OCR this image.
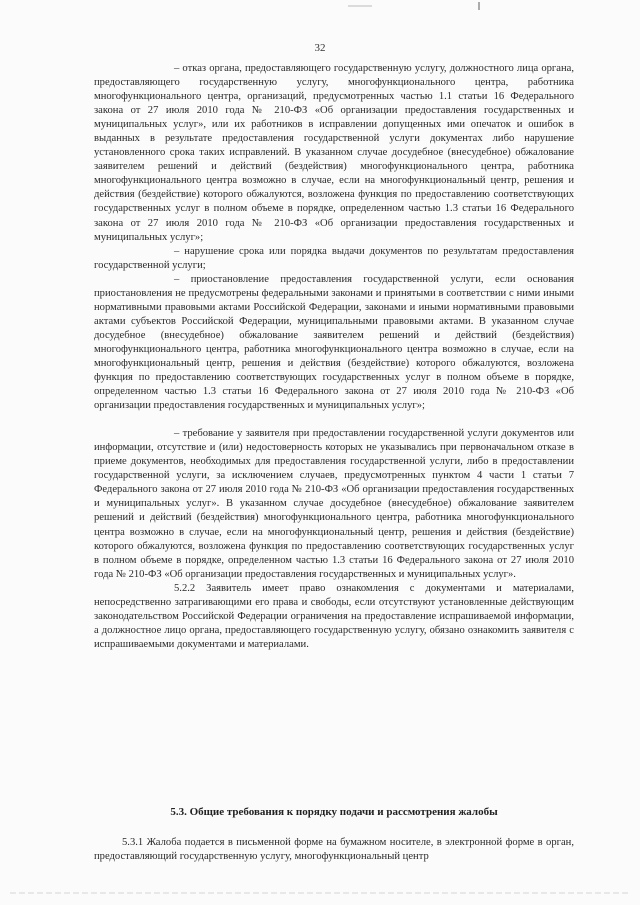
32

– отказ органа, предоставляющего государственную услугу, должностного лица органа, предоставляющего государственную услугу, многофункционального центра, работника многофункционального центра, организаций, предусмотренных частью 1.1 статьи 16 Федерального закона от 27 июля 2010 года № 210-ФЗ «Об организации предоставления государственных и муниципальных услуг», или их работников в исправлении допущенных ими опечаток и ошибок в выданных в результате предоставления государственной услуги документах либо нарушение установленного срока таких исправлений. В указанном случае досудебное (внесудебное) обжалование заявителем решений и действий (бездействия) многофункционального центра, работника многофункционального центра возможно в случае, если на многофункциональный центр, решения и действия (бездействие) которого обжалуются, возложена функция по предоставлению соответствующих государственных услуг в полном объеме в порядке, определенном частью 1.3 статьи 16 Федерального закона от 27 июля 2010 года № 210-ФЗ «Об организации предоставления государственных и муниципальных услуг»;

– нарушение срока или порядка выдачи документов по результатам предоставления государственной услуги;

– приостановление предоставления государственной услуги, если основания приостановления не предусмотрены федеральными законами и принятыми в соответствии с ними иными нормативными правовыми актами Российской Федерации, законами и иными нормативными правовыми актами субъектов Российской Федерации, муниципальными правовыми актами. В указанном случае досудебное (внесудебное) обжалование заявителем решений и действий (бездействия) многофункционального центра, работника многофункционального центра возможно в случае, если на многофункциональный центр, решения и действия (бездействие) которого обжалуются, возложена функция по предоставлению соответствующих государственных услуг в полном объеме в порядке, определенном частью 1.3 статьи 16 Федерального закона от 27 июля 2010 года № 210-ФЗ «Об организации предоставления государственных и муниципальных услуг»;

– требование у заявителя при предоставлении государственной услуги документов или информации, отсутствие и (или) недостоверность которых не указывались при первоначальном отказе в приеме документов, необходимых для предоставления государственной услуги, либо в предоставлении государственной услуги, за исключением случаев, предусмотренных пунктом 4 части 1 статьи 7 Федерального закона от 27 июля 2010 года № 210-ФЗ «Об организации предоставления государственных и муниципальных услуг». В указанном случае досудебное (внесудебное) обжалование заявителем решений и действий (бездействия) многофункционального центра, работника многофункционального центра возможно в случае, если на многофункциональный центр, решения и действия (бездействие) которого обжалуются, возложена функция по предоставлению соответствующих государственных услуг в полном объеме в порядке, определенном частью 1.3 статьи 16 Федерального закона от 27 июля 2010 года № 210-ФЗ «Об организации предоставления государственных и муниципальных услуг».

5.2.2 Заявитель имеет право ознакомления с документами и материалами, непосредственно затрагивающими его права и свободы, если отсутствуют установленные действующим законодательством Российской Федерации ограничения на предоставление испрашиваемой информации, а должностное лицо органа, предоставляющего государственную услугу, обязано ознакомить заявителя с испрашиваемыми документами и материалами.

5.3. Общие требования к порядку подачи и рассмотрения жалобы
5.3.1 Жалоба подается в письменной форме на бумажном носителе, в электронной форме в орган, предоставляющий государственную услугу, многофункциональный центр
